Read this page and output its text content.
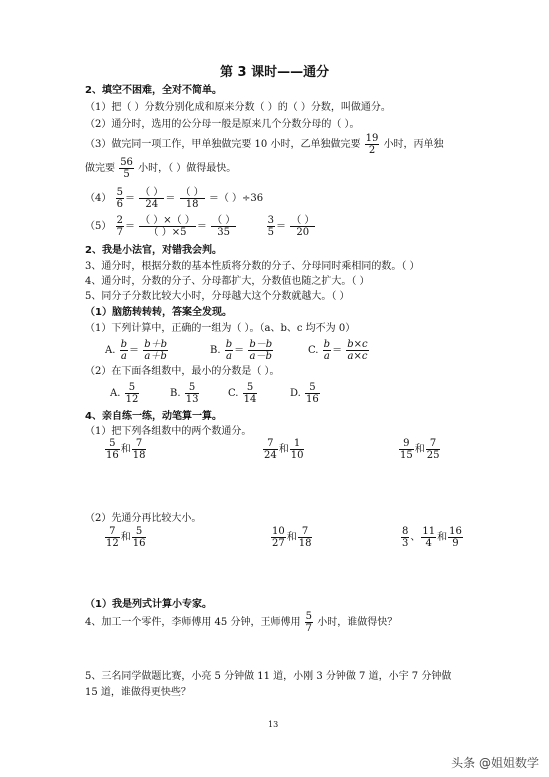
第 3 课时——通分
2、填空不困难，全对不简单。
（1）把（ ）分数分别化成和原来分数（ ）的（ ）分数，叫做通分。
（2）通分时，选用的公分母一般是原来几个分数分母的（ ）。
（3）做完同一项工作，甲单独做完要 10 小时，乙单独做完要 $\frac{19}{2}$ 小时，丙单独
做完要 $\frac{56}{5}$ 小时，（ ）做得最快。
$(4) \frac{5}{6} = \frac{( )}{24} = \frac{( )}{18}$ ＝（ ）÷36
$(5) \frac{2}{7} = \frac{( )\times( )}{( )\times 5} = \frac{( )}{35}$
	$\frac{3}{5} = \frac{( )}{20}$
2、我是小法官，对错我会判。
3、通分时，根据分数的基本性质将分数的分子、分母同时乘相同的数。（ ）
4、通分时，分数的分子、分母都扩大，分数值也随之扩大。（ ）
5、同分子分数比较大小时，分母越大这个分数就越大。（ ）
（1）脑筋转转转，答案全发现。
（1）下列计算中，正确的一组为（ ）。（a、b、c 均不为 0）
A. $\frac{b}{a} = \frac{b+b}{a+b}$	B. $\frac{b}{a} = \frac{b-b}{a-b}$	C. $\frac{b}{a} = \frac{b\times c}{a\times c}$
（2）在下面各组数中，最小的分数是（ ）。
A. $\frac{5}{12}$	B. $\frac{5}{13}$	C. $\frac{5}{14}$	D. $\frac{5}{16}$
4、亲自练一练，动笔算一算。
（1）把下列各组数中的两个数通分。
$\frac{5}{16}$ 和 $\frac{7}{18}$	$\frac{7}{24}$ 和 $\frac{1}{10}$	$\frac{9}{15}$ 和 $\frac{7}{25}$
（2）先通分再比较大小。
$\frac{7}{12}$ 和 $\frac{5}{16}$	$\frac{10}{27}$ 和 $\frac{7}{18}$	$\frac{8}{3}$ 、 $\frac{11}{4}$ 和 $\frac{16}{9}$
（1）我是列式计算小专家。
4、加工一个零件，李师傅用 45 分钟，王师傅用 $\frac{5}{7}$ 小时，谁做得快？
5、三名同学做题比赛，小亮 5 分钟做 11 道，小刚 3 分钟做 7 道，小宇 7 分钟做
15 道，谁做得更快些？
13
头条 @姐姐数学
